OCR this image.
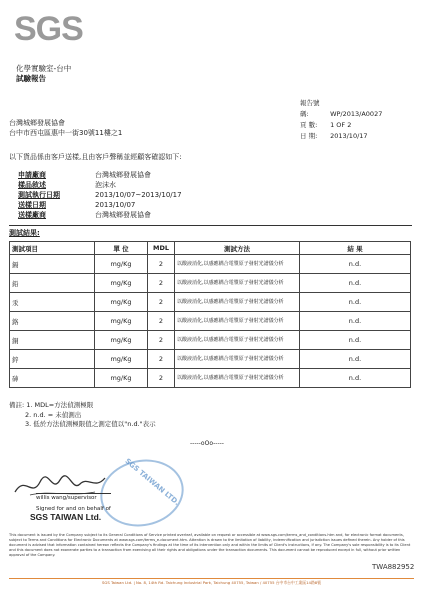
SGS
化學實驗室-台中
試驗報告
報告號碼:	WP/2013/A0027
頁 數: 1 OF 2
日 期: 2013/10/17
台灣城鄉發展協會
台中市西屯區惠中一街30號11樓之1
以下貨品係由客戶送樣,且由客戶聲稱並經顧客確認如下:
申請廠商	台灣城鄉發展協會
樣品敘述	泡沫水
測試執行日期	2013/10/07~2013/10/17
送樣日期	2013/10/07
送樣廠商	台灣城鄉發展協會
測試結果:
測試項目	單 位	MDL	測試方法	結 果
鎘	mg/Kg	2	以酸液消化,以感應耦合電漿原子發射光譜儀分析	n.d.
鉛	mg/Kg	2	以酸液消化,以感應耦合電漿原子發射光譜儀分析	n.d.
汞	mg/Kg	2	以酸液消化,以感應耦合電漿原子發射光譜儀分析	n.d.
鉻	mg/Kg	2	以酸液消化,以感應耦合電漿原子發射光譜儀分析	n.d.
銅	mg/Kg	2	以酸液消化,以感應耦合電漿原子發射光譜儀分析	n.d.
鋅	mg/Kg	2	以酸液消化,以感應耦合電漿原子發射光譜儀分析	n.d.
砷	mg/Kg	2	以酸液消化,以感應耦合電漿原子發射光譜儀分析	n.d.
備註: 1. MDL=方法偵測極限
2. n.d. = 未偵測出
3. 低於方法偵測極限值之測定值以"n.d."表示
-----oOo-----
SGS TAIWAN LTD.
willis wang/supervisor
Signed for and on behalf of
SGS TAIWAN Ltd.
This document is issued by the Company subject to its General Conditions of Service printed overleaf, available on request or accessible at www.sgs.com/terms_and_conditions.htm and, for electronic format documents, subject to Terms and Conditions for Electronic Documents at www.sgs.com/terms_e-document.htm. Attention is drawn to the limitation of liability, indemnification and jurisdiction issues defined therein. Any holder of this document is advised that information contained hereon reflects the Company's findings at the time of its intervention only and within the limits of Client's instructions, if any. The Company's sole responsibility is to its Client and this document does not exonerate parties to a transaction from exercising all their rights and obligations under the transaction documents. This document cannot be reproduced except in full, without prior written approval of the Company.
TWA882952
SGS Taiwan Ltd. | No. 8, 14th Rd. Taichung Industrial Park, Taichung 40755, Taiwan / 40755 台中市台中工業區14路8號
